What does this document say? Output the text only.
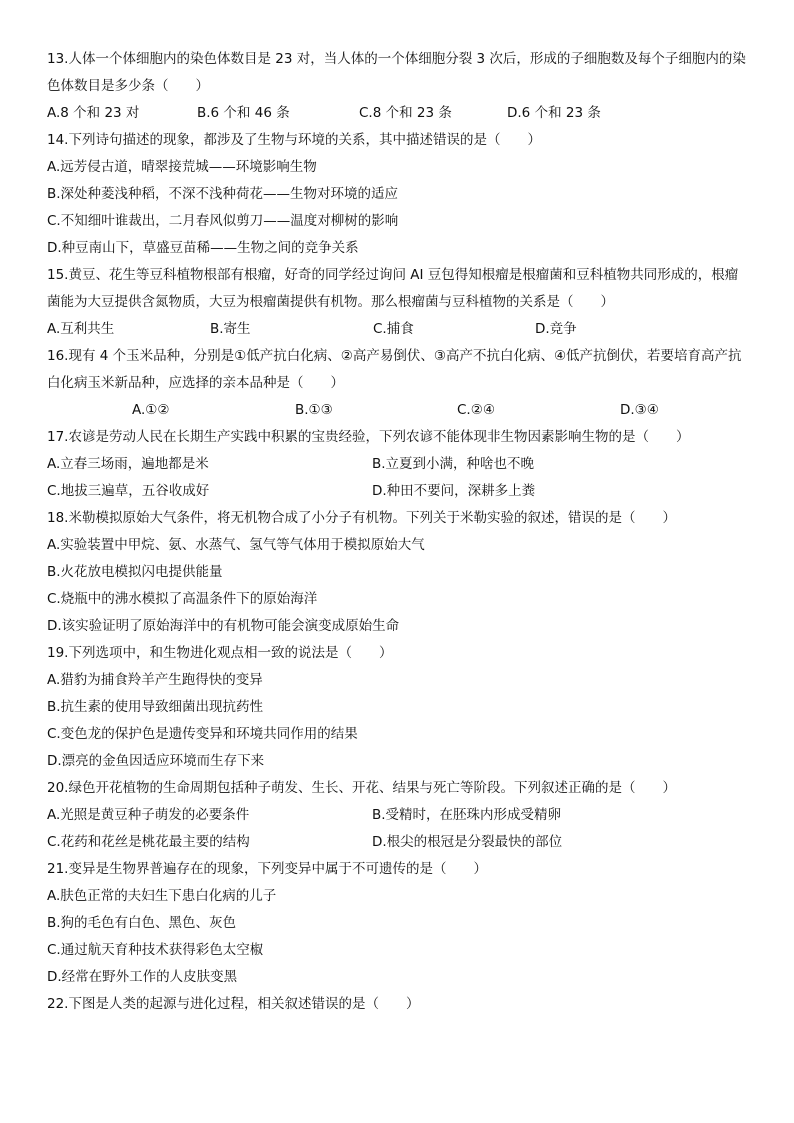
13.人体一个体细胞内的染色体数目是 23 对，当人体的一个体细胞分裂 3 次后，形成的子细胞数及每个子细胞内的染色体数目是多少条（　　）
A.8 个和 23 对	B.6 个和 46 条	C.8 个和 23 条	D.6 个和 23 条
14.下列诗句描述的现象，都涉及了生物与环境的关系，其中描述错误的是（　　）
A.远芳侵古道，晴翠接荒城——环境影响生物
B.深处种菱浅种稻，不深不浅种荷花——生物对环境的适应
C.不知细叶谁裁出，二月春风似剪刀——温度对柳树的影响
D.种豆南山下，草盛豆苗稀——生物之间的竞争关系
15.黄豆、花生等豆科植物根部有根瘤，好奇的同学经过询问 AI 豆包得知根瘤是根瘤菌和豆科植物共同形成的，根瘤菌能为大豆提供含氮物质，大豆为根瘤菌提供有机物。那么根瘤菌与豆科植物的关系是（　　）
A.互利共生	B.寄生	C.捕食	D.竞争
16.现有 4 个玉米品种，分别是①低产抗白化病、②高产易倒伏、③高产不抗白化病、④低产抗倒伏，若要培育高产抗白化病玉米新品种，应选择的亲本品种是（　　）
A.①②	B.①③	C.②④	D.③④
17.农谚是劳动人民在长期生产实践中积累的宝贵经验，下列农谚不能体现非生物因素影响生物的是（　　）
A.立春三场雨，遍地都是米	B.立夏到小满，种啥也不晚
C.地拔三遍草，五谷收成好	D.种田不要问，深耕多上粪
18.米勒模拟原始大气条件，将无机物合成了小分子有机物。下列关于米勒实验的叙述，错误的是（　　）
A.实验装置中甲烷、氨、水蒸气、氢气等气体用于模拟原始大气
B.火花放电模拟闪电提供能量
C.烧瓶中的沸水模拟了高温条件下的原始海洋
D.该实验证明了原始海洋中的有机物可能会演变成原始生命
19.下列选项中，和生物进化观点相一致的说法是（　　）
A.猎豹为捕食羚羊产生跑得快的变异
B.抗生素的使用导致细菌出现抗药性
C.变色龙的保护色是遗传变异和环境共同作用的结果
D.漂亮的金鱼因适应环境而生存下来
20.绿色开花植物的生命周期包括种子萌发、生长、开花、结果与死亡等阶段。下列叙述正确的是（　　）
A.光照是黄豆种子萌发的必要条件	B.受精时，在胚珠内形成受精卵
C.花药和花丝是桃花最主要的结构	D.根尖的根冠是分裂最快的部位
21.变异是生物界普遍存在的现象，下列变异中属于不可遗传的是（　　）
A.肤色正常的夫妇生下患白化病的儿子
B.狗的毛色有白色、黑色、灰色
C.通过航天育种技术获得彩色太空椒
D.经常在野外工作的人皮肤变黑
22.下图是人类的起源与进化过程，相关叙述错误的是（　　）
